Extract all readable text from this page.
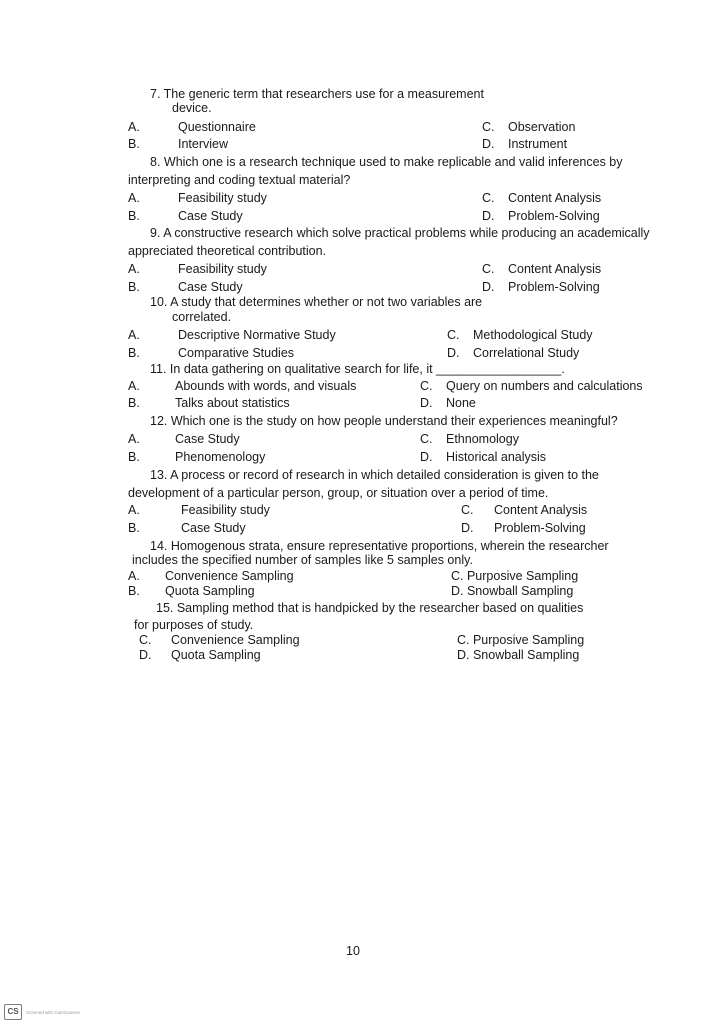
7. The generic term that researchers use for a measurement
device.
A.	Questionnaire	C. Observation
B.	Interview	D. Instrument
8. Which one is a research technique used to make replicable and valid inferences by
interpreting and coding textual material?
A.	Feasibility study	C. Content Analysis
B.	Case Study	D. Problem-Solving
9. A constructive research which solve practical problems while producing an academically
appreciated theoretical contribution.
A.	Feasibility study	C. Content Analysis
B.	Case Study	D. Problem-Solving
10. A study that determines whether or not two variables are
correlated.
A.	Descriptive Normative Study	C. Methodological Study
B.	Comparative Studies	D. Correlational Study
11. In data gathering on qualitative search for life, it __________________.
A.	Abounds with words, and visuals	C. Query on numbers and calculations
B.	Talks about statistics	D. None
12. Which one is the study on how people understand their experiences meaningful?
A.	Case Study	C. Ethnomology
B.	Phenomenology	D. Historical analysis
13. A process or record of research in which detailed consideration is given to the
development of a particular person, group, or situation over a period of time.
A.	Feasibility study	C. Content Analysis
B.	Case Study	D. Problem-Solving
14. Homogenous strata, ensure representative proportions, wherein the researcher
includes the specified number of samples like 5 samples only.
A. Convenience Sampling	C. Purposive Sampling
B. Quota Sampling	D. Snowball Sampling
15. Sampling method that is handpicked by the researcher based on qualities
for purposes of study.
C. Convenience Sampling	C. Purposive Sampling
D. Quota Sampling	D. Snowball Sampling
10
CS	Scanned with CamScanner
